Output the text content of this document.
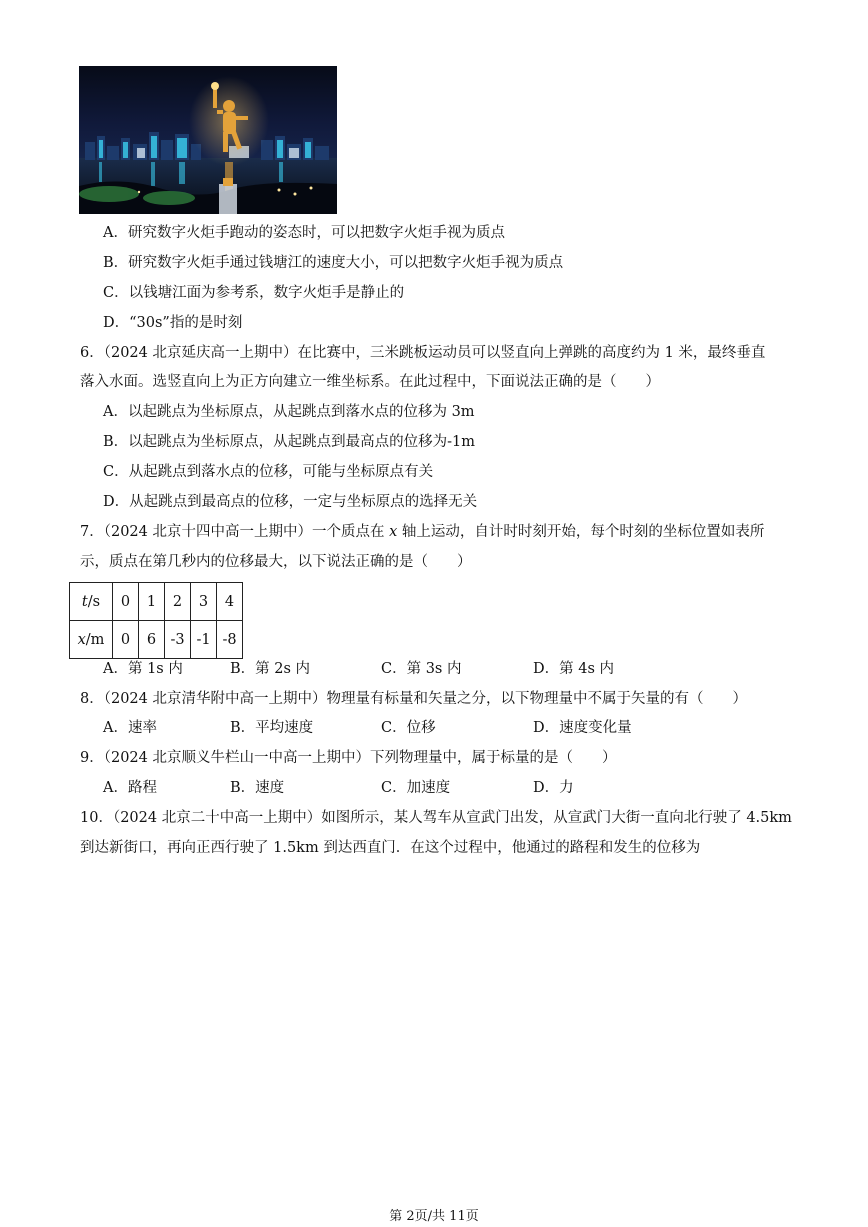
A．研究数字火炬手跑动的姿态时，可以把数字火炬手视为质点
B．研究数字火炬手通过钱塘江的速度大小，可以把数字火炬手视为质点
C．以钱塘江面为参考系，数字火炬手是静止的
D．“30s”指的是时刻
6．（2024 北京延庆高一上期中）在比赛中，三米跳板运动员可以竖直向上弹跳的高度约为 1 米，最终垂直
落入水面。选竖直向上为正方向建立一维坐标系。在此过程中，下面说法正确的是（　　）
A．以起跳点为坐标原点，从起跳点到落水点的位移为 3m
B．以起跳点为坐标原点，从起跳点到最高点的位移为-1m
C．从起跳点到落水点的位移，可能与坐标原点有关
D．从起跳点到最高点的位移，一定与坐标原点的选择无关
7．（2024 北京十四中高一上期中）一个质点在 x 轴上运动，自计时时刻开始，每个时刻的坐标位置如表所
示，质点在第几秒内的位移最大，以下说法正确的是（　　）
t/s	0	1	2	3	4
x/m	0	6	-3	-1	-8
A．第 1s 内	B．第 2s 内	C．第 3s 内	D．第 4s 内
8．（2024 北京清华附中高一上期中）物理量有标量和矢量之分，以下物理量中不属于矢量的有（　　）
A．速率	B．平均速度	C．位移	D．速度变化量
9．（2024 北京顺义牛栏山一中高一上期中）下列物理量中，属于标量的是（　　）
A．路程	B．速度	C．加速度	D．力
10．（2024 北京二十中高一上期中）如图所示，某人驾车从宣武门出发，从宣武门大街一直向北行驶了 4.5km
到达新街口，再向正西行驶了 1.5km 到达西直门．在这个过程中，他通过的路程和发生的位移为
第 2页/共 11页
